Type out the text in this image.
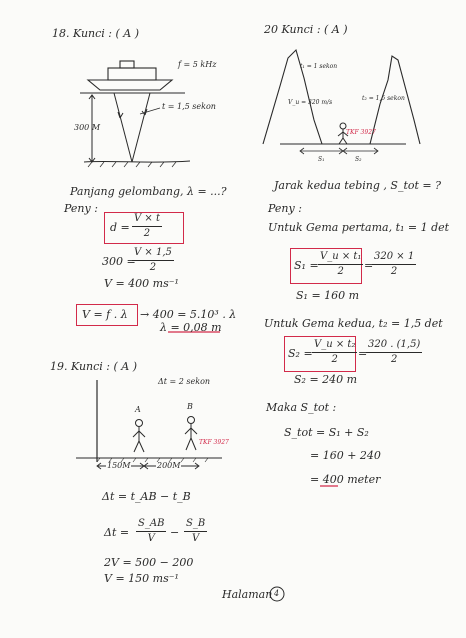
18. Kunci : ( A )
f = 5 kHz
t = 1,5 sekon
300 M
Panjang gelombang, λ = ...?
Peny :
$d = \frac{V \times t}{2}$
300 =
$\frac{V \times 1,5}{2}$
V = 400 ms⁻¹
V = f . λ → 400 = 5.10³ . λ
λ = 0,08 m
19. Kunci : ( A )
Δt = 2 sekon
A	B
TKF 3927
150M	200M
Δt = t_AB − t_B
$\Delta t = \frac{S\_AB}{V} - \frac{S\_B}{V}$
2V = 500 − 200
V = 150 ms⁻¹
20 Kunci : ( A )
t₁ = 1 sekon
t₂ = 1,5 sekon
V_u = 320 m/s
TKF 3927
S₁	S₂
Jarak kedua tebing , S_tot = ?
Peny :
Untuk Gema pertama, t₁ = 1 det
$S_1 = \frac{\text{V\_u × t₁}}{2}$ =
$\frac{320 \times 1}{2}$
S₁ = 160 m
Untuk Gema kedua, t₂ = 1,5 det
$S_2 = \frac{\text{V\_u × t₂}}{2}$ =
$\frac{320 . (1,5)}{2}$
S₂ = 240 m
Maka S_tot :
S_tot = S₁ + S₂
= 160 + 240
= 400 meter
Halaman 4
